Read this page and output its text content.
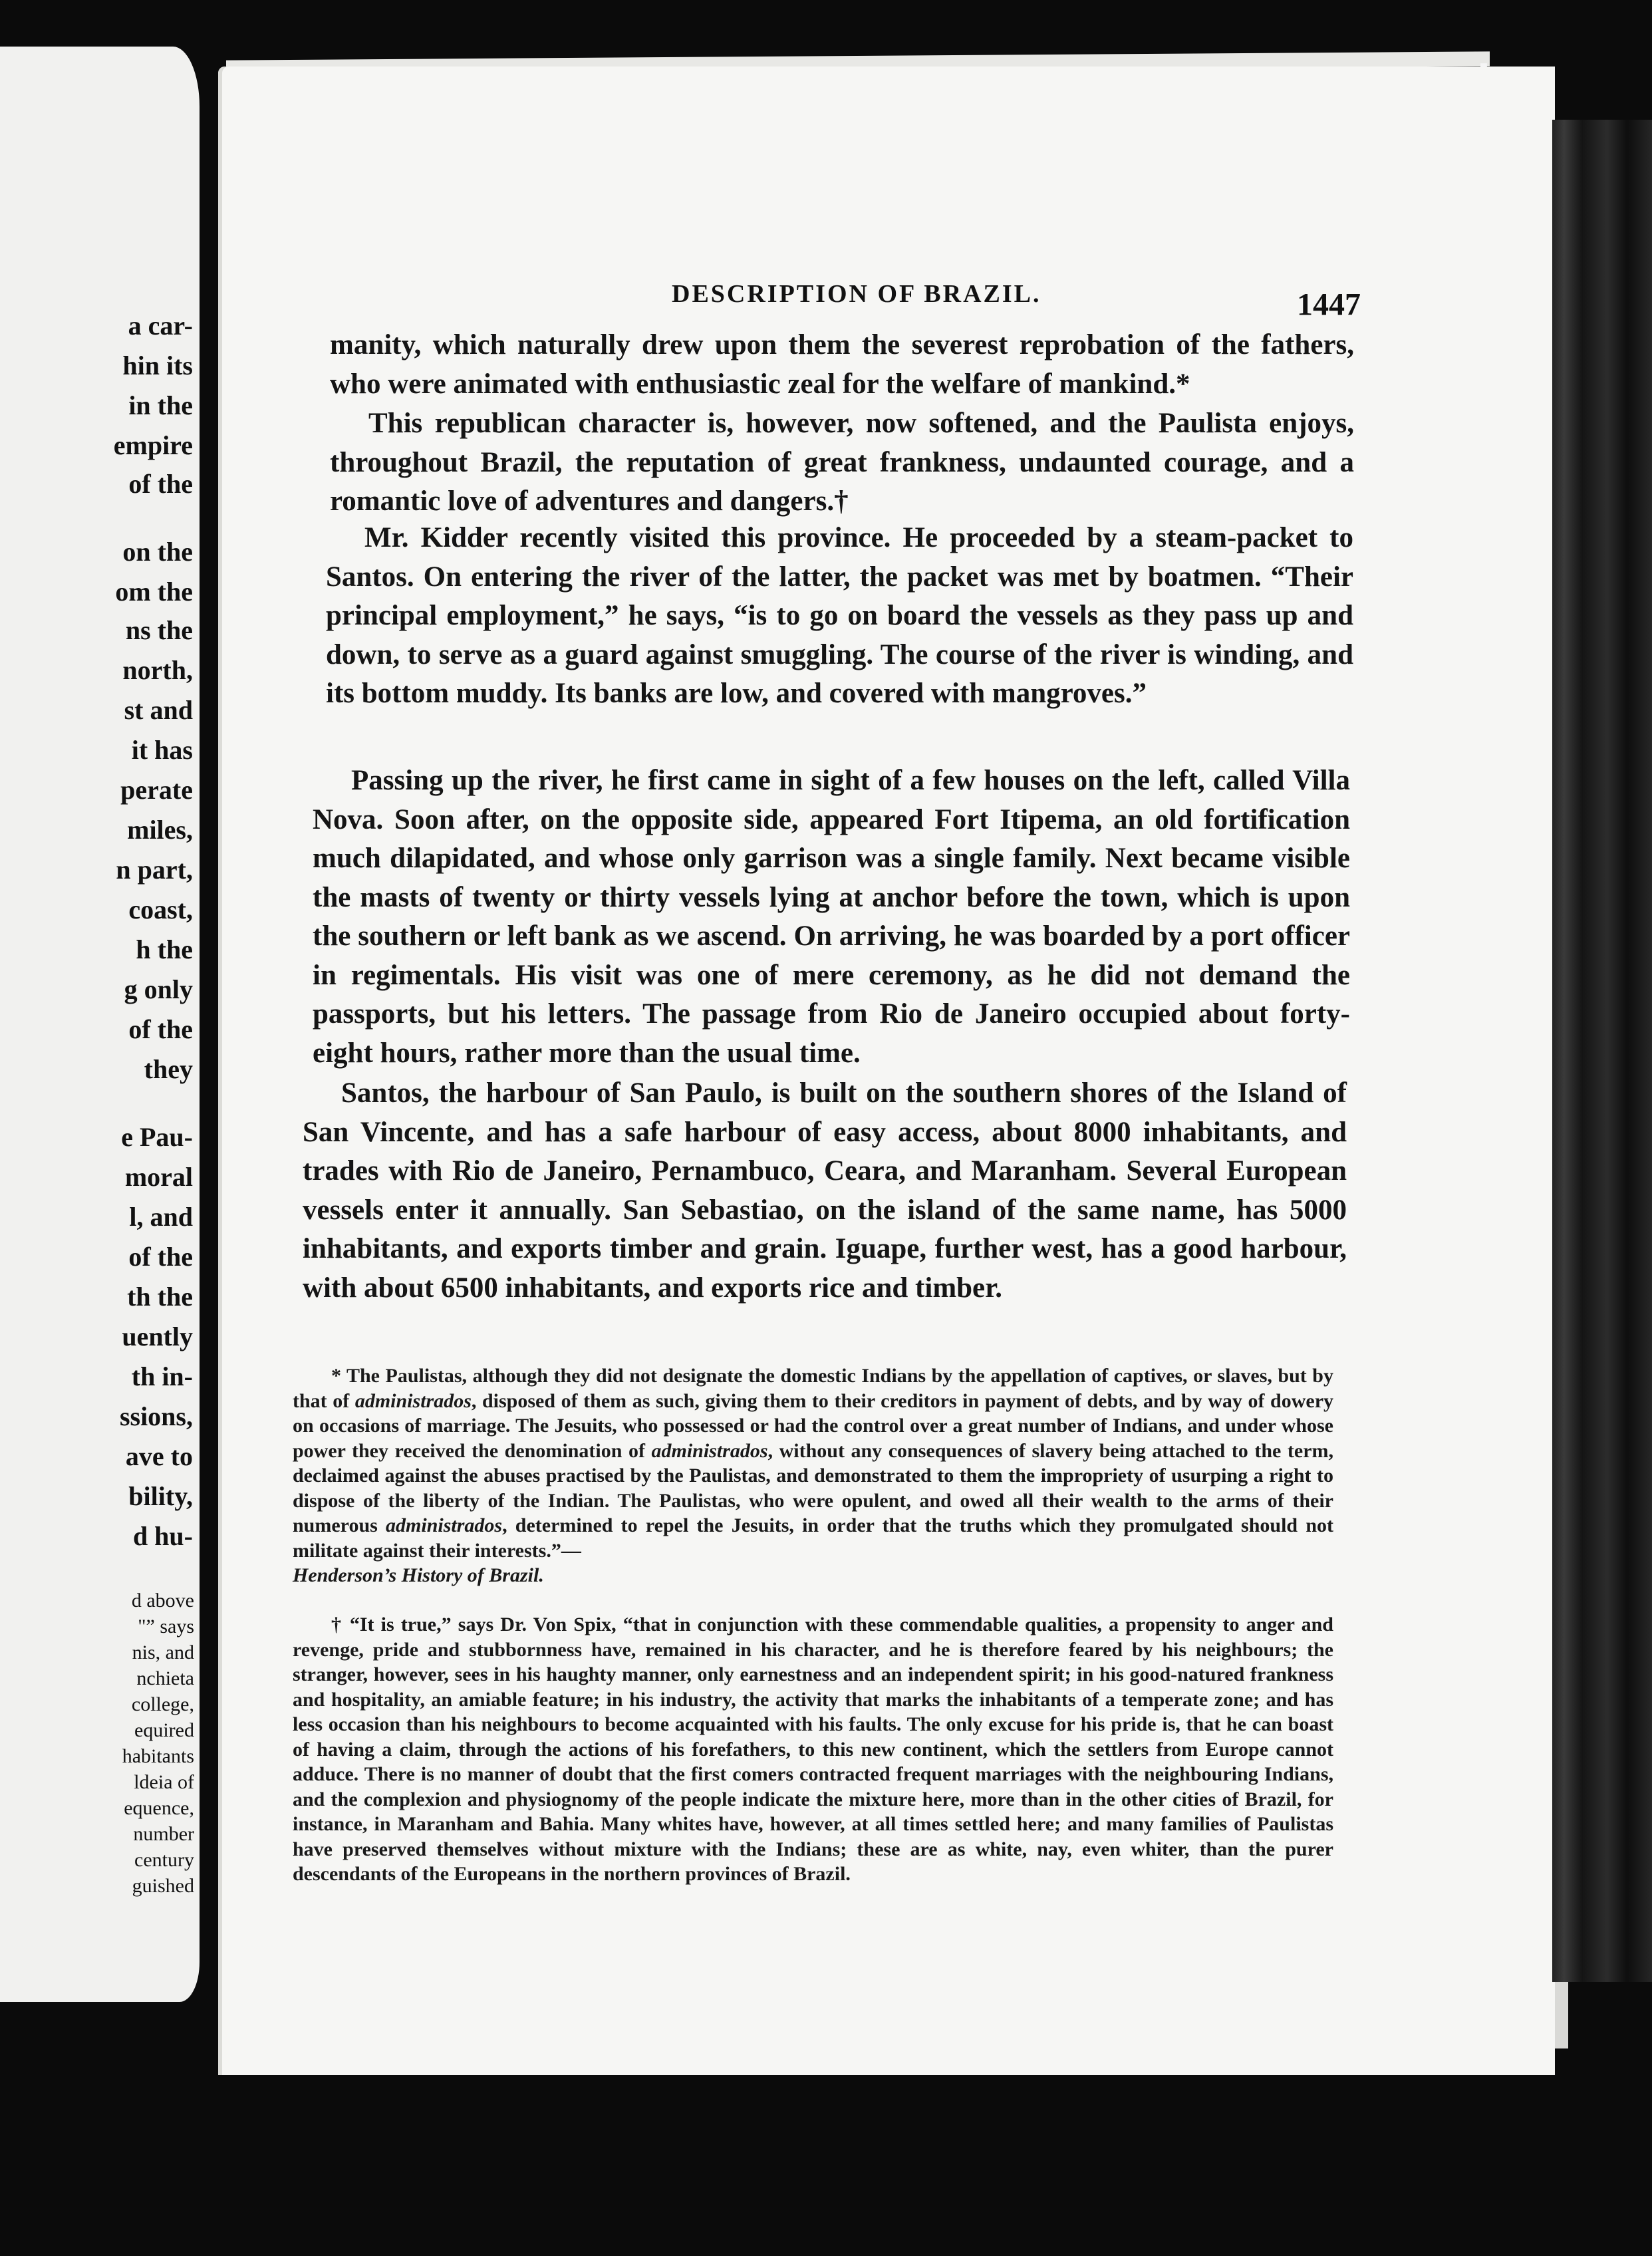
a car-
hin its
in the
empire
of the
on the
om the
ns the
north,
st and
it has
perate
miles,
n part,
coast,
h the
g only
of the
they
e Pau-
moral
l, and
of the
th the
uently
th in-
ssions,
ave to
bility,
d hu-
d above
"” says
nis, and
nchieta
college,
equired
habitants
ldeia of
equence,
number
century
guished
DESCRIPTION OF BRAZIL.	1447

manity, which naturally drew upon them the severest reprobation of the fathers, who were animated with enthusiastic zeal for the welfare of mankind.*

This republican character is, however, now softened, and the Paulista enjoys, throughout Brazil, the reputation of great frankness, undaunted courage, and a romantic love of adventures and dangers.†

Mr. Kidder recently visited this province. He proceeded by a steam-packet to Santos. On entering the river of the latter, the packet was met by boatmen. “Their principal employment,” he says, “is to go on board the vessels as they pass up and down, to serve as a guard against smuggling. The course of the river is winding, and its bottom muddy. Its banks are low, and covered with mangroves.”

Passing up the river, he first came in sight of a few houses on the left, called Villa Nova. Soon after, on the opposite side, appeared Fort Itipema, an old fortification much dilapidated, and whose only garrison was a single family. Next became visible the masts of twenty or thirty vessels lying at anchor before the town, which is upon the southern or left bank as we ascend. On arriving, he was boarded by a port officer in regimentals. His visit was one of mere ceremony, as he did not demand the passports, but his letters. The passage from Rio de Janeiro occupied about forty-eight hours, rather more than the usual time.

Santos, the harbour of San Paulo, is built on the southern shores of the Island of San Vincente, and has a safe harbour of easy access, about 8000 inhabitants, and trades with Rio de Janeiro, Pernambuco, Ceara, and Maranham. Several European vessels enter it annually. San Sebastiao, on the island of the same name, has 5000 inhabitants, and exports timber and grain. Iguape, further west, has a good harbour, with about 6500 inhabitants, and exports rice and timber.

* The Paulistas, although they did not designate the domestic Indians by the appellation of captives, or slaves, but by that of administrados, disposed of them as such, giving them to their creditors in payment of debts, and by way of dowery on occasions of marriage. The Jesuits, who possessed or had the control over a great number of Indians, and under whose power they received the denomination of administrados, without any consequences of slavery being attached to the term, declaimed against the abuses practised by the Paulistas, and demonstrated to them the impropriety of usurping a right to dispose of the liberty of the Indian. The Paulistas, who were opulent, and owed all their wealth to the arms of their numerous administrados, determined to repel the Jesuits, in order that the truths which they promulgated should not militate against their interests.”—
Henderson’s History of Brazil.

† “It is true,” says Dr. Von Spix, “that in conjunction with these commendable qualities, a propensity to anger and revenge, pride and stubbornness have, remained in his character, and he is therefore feared by his neighbours; the stranger, however, sees in his haughty manner, only earnestness and an independent spirit; in his good-natured frankness and hospitality, an amiable feature; in his industry, the activity that marks the inhabitants of a temperate zone; and has less occasion than his neighbours to become acquainted with his faults. The only excuse for his pride is, that he can boast of having a claim, through the actions of his forefathers, to this new continent, which the settlers from Europe cannot adduce. There is no manner of doubt that the first comers contracted frequent marriages with the neighbouring Indians, and the complexion and physiognomy of the people indicate the mixture here, more than in the other cities of Brazil, for instance, in Maranham and Bahia. Many whites have, however, at all times settled here; and many families of Paulistas have preserved themselves without mixture with the Indians; these are as white, nay, even whiter, than the purer descendants of the Europeans in the northern provinces of Brazil.
